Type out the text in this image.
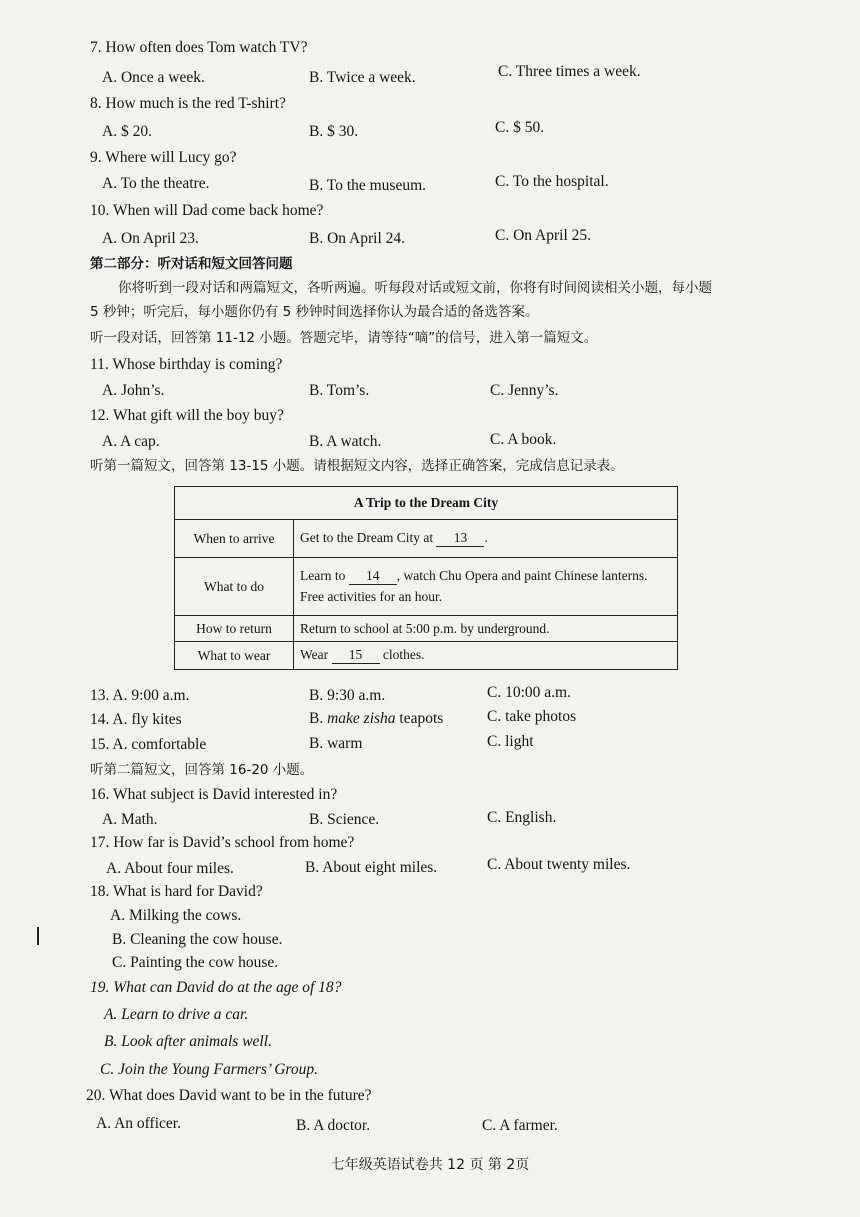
7. How often does Tom watch TV?
A. Once a week.	B. Twice a week.	C. Three times a week.
8. How much is the red T-shirt?
A. $ 20.	B. $ 30.	C. $ 50.
9. Where will Lucy go?
A. To the theatre.	B. To the museum.	C. To the hospital.
10. When will Dad come back home?
A. On April 23.	B. On April 24.	C. On April 25.
第二部分：听对话和短文回答问题
你将听到一段对话和两篇短文，各听两遍。听每段对话或短文前，你将有时间阅读相关小题，每小题
5 秒钟；听完后，每小题你仍有 5 秒钟时间选择你认为最合适的备选答案。
听一段对话，回答第 11-12 小题。答题完毕，请等待“嘀”的信号，进入第一篇短文。
11. Whose birthday is coming?
A. John’s.	B. Tom’s.	C. Jenny’s.
12. What gift will the boy buy?
A. A cap.	B. A watch.	C. A book.
听第一篇短文，回答第 13-15 小题。请根据短文内容，选择正确答案，完成信息记录表。
A Trip to the Dream City	
When to arrive	Get to the Dream City at 13 .
What to do	Learn to 14 , watch Chu Opera and paint Chinese lanterns.
Free activities for an hour.

How to return	Return to school at 5:00 p.m. by underground.
What to wear	Wear 15 clothes.
13. A. 9:00 a.m.	B. 9:30 a.m.	C. 10:00 a.m.
14. A. fly kites	B. make zisha teapots	C. take photos
15. A. comfortable	B. warm	C. light
听第二篇短文，回答第 16-20 小题。
16. What subject is David interested in?
A. Math.	B. Science.	C. English.
17. How far is David’s school from home?
A. About four miles.	B. About eight miles.	C. About twenty miles.
18. What is hard for David?
A. Milking the cows.
B. Cleaning the cow house.
C. Painting the cow house.
19. What can David do at the age of 18?
A. Learn to drive a car.
B. Look after animals well.
C. Join the Young Farmers’ Group.
20. What does David want to be in the future?
A. An officer.	B. A doctor.	C. A farmer.
七年级英语试卷共 12 页 第 2页
